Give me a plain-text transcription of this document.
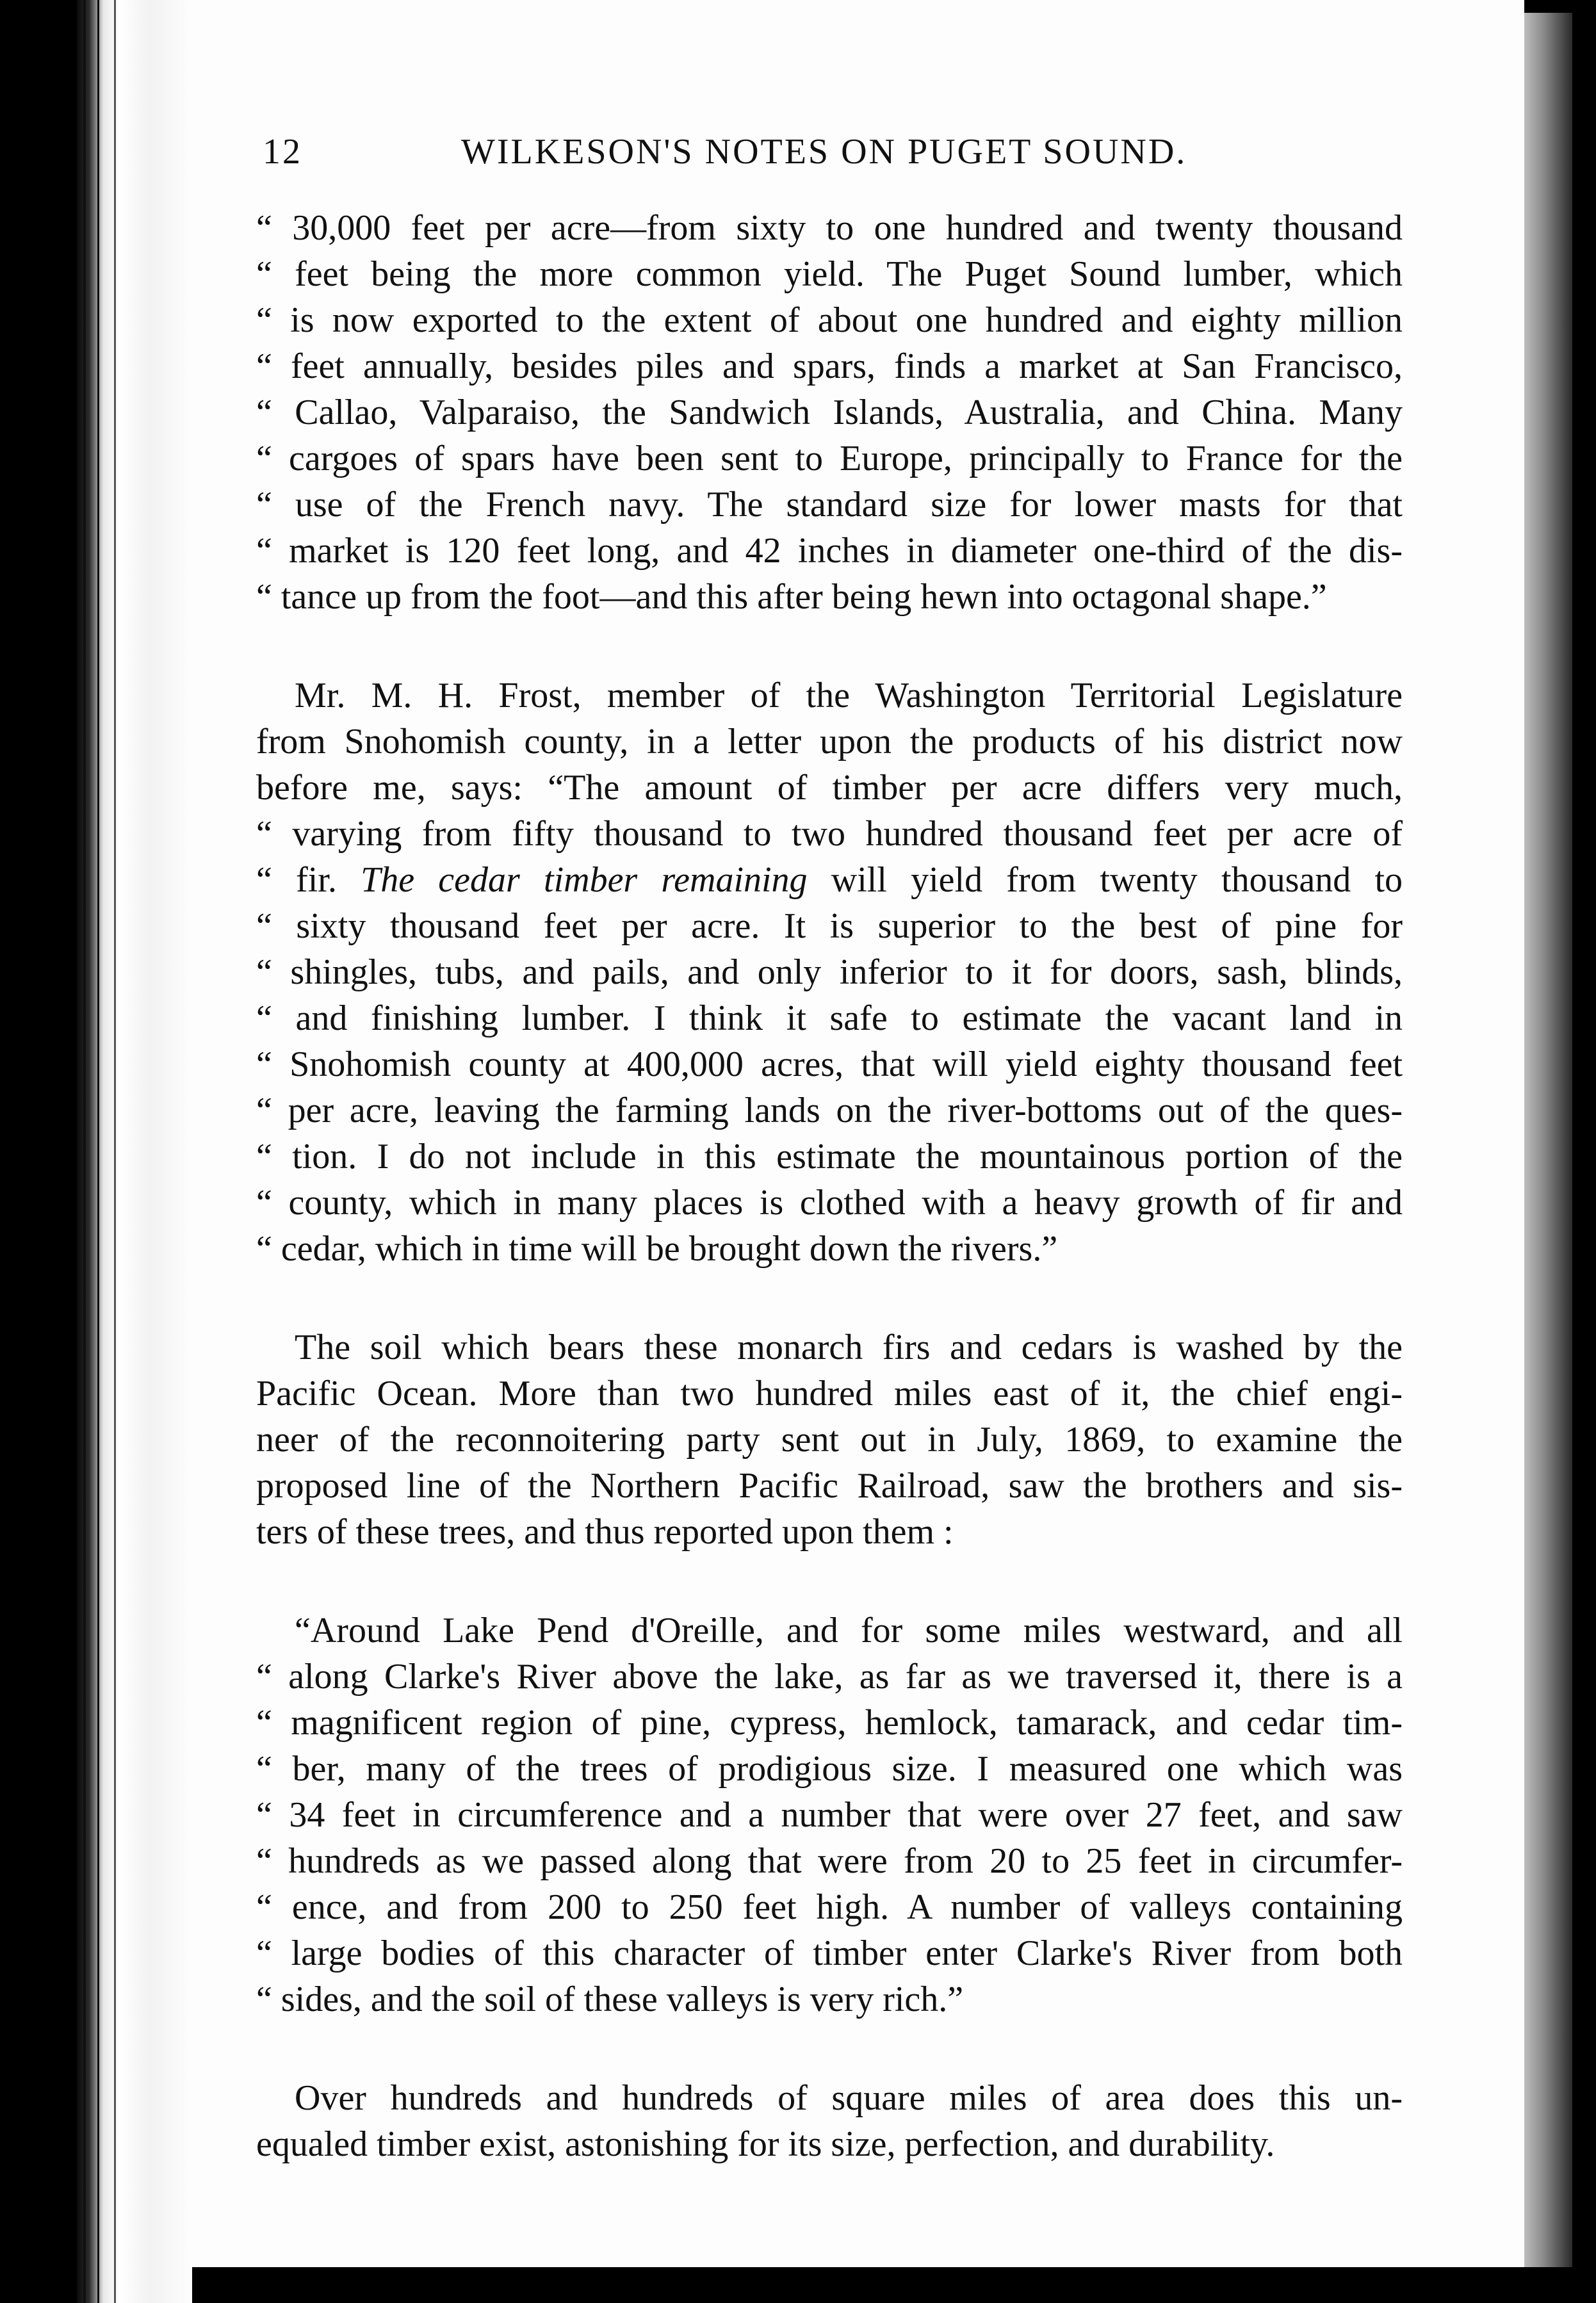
12	WILKESON'S NOTES ON PUGET SOUND.
“ 30,000 feet per acre—from sixty to one hundred and twenty thousand
“ feet being the more common yield. The Puget Sound lumber, which
“ is now exported to the extent of about one hundred and eighty million
“ feet annually, besides piles and spars, finds a market at San Francisco,
“ Callao, Valparaiso, the Sandwich Islands, Australia, and China. Many
“ cargoes of spars have been sent to Europe, principally to France for the
“ use of the French navy. The standard size for lower masts for that
“ market is 120 feet long, and 42 inches in diameter one-third of the dis-
“ tance up from the foot—and this after being hewn into octagonal shape.”
Mr. M. H. Frost, member of the Washington Territorial Legislature
from Snohomish county, in a letter upon the products of his district now
before me, says: “The amount of timber per acre differs very much,
“ varying from fifty thousand to two hundred thousand feet per acre of
“ fir. The cedar timber remaining will yield from twenty thousand to
“ sixty thousand feet per acre. It is superior to the best of pine for
“ shingles, tubs, and pails, and only inferior to it for doors, sash, blinds,
“ and finishing lumber. I think it safe to estimate the vacant land in
“ Snohomish county at 400,000 acres, that will yield eighty thousand feet
“ per acre, leaving the farming lands on the river-bottoms out of the ques-
“ tion. I do not include in this estimate the mountainous portion of the
“ county, which in many places is clothed with a heavy growth of fir and
“ cedar, which in time will be brought down the rivers.”
The soil which bears these monarch firs and cedars is washed by the
Pacific Ocean. More than two hundred miles east of it, the chief engi-
neer of the reconnoitering party sent out in July, 1869, to examine the
proposed line of the Northern Pacific Railroad, saw the brothers and sis-
ters of these trees, and thus reported upon them :
“Around Lake Pend d'Oreille, and for some miles westward, and all
“ along Clarke's River above the lake, as far as we traversed it, there is a
“ magnificent region of pine, cypress, hemlock, tamarack, and cedar tim-
“ ber, many of the trees of prodigious size. I measured one which was
“ 34 feet in circumference and a number that were over 27 feet, and saw
“ hundreds as we passed along that were from 20 to 25 feet in circumfer-
“ ence, and from 200 to 250 feet high. A number of valleys containing
“ large bodies of this character of timber enter Clarke's River from both
“ sides, and the soil of these valleys is very rich.”
Over hundreds and hundreds of square miles of area does this un-
equaled timber exist, astonishing for its size, perfection, and durability.
